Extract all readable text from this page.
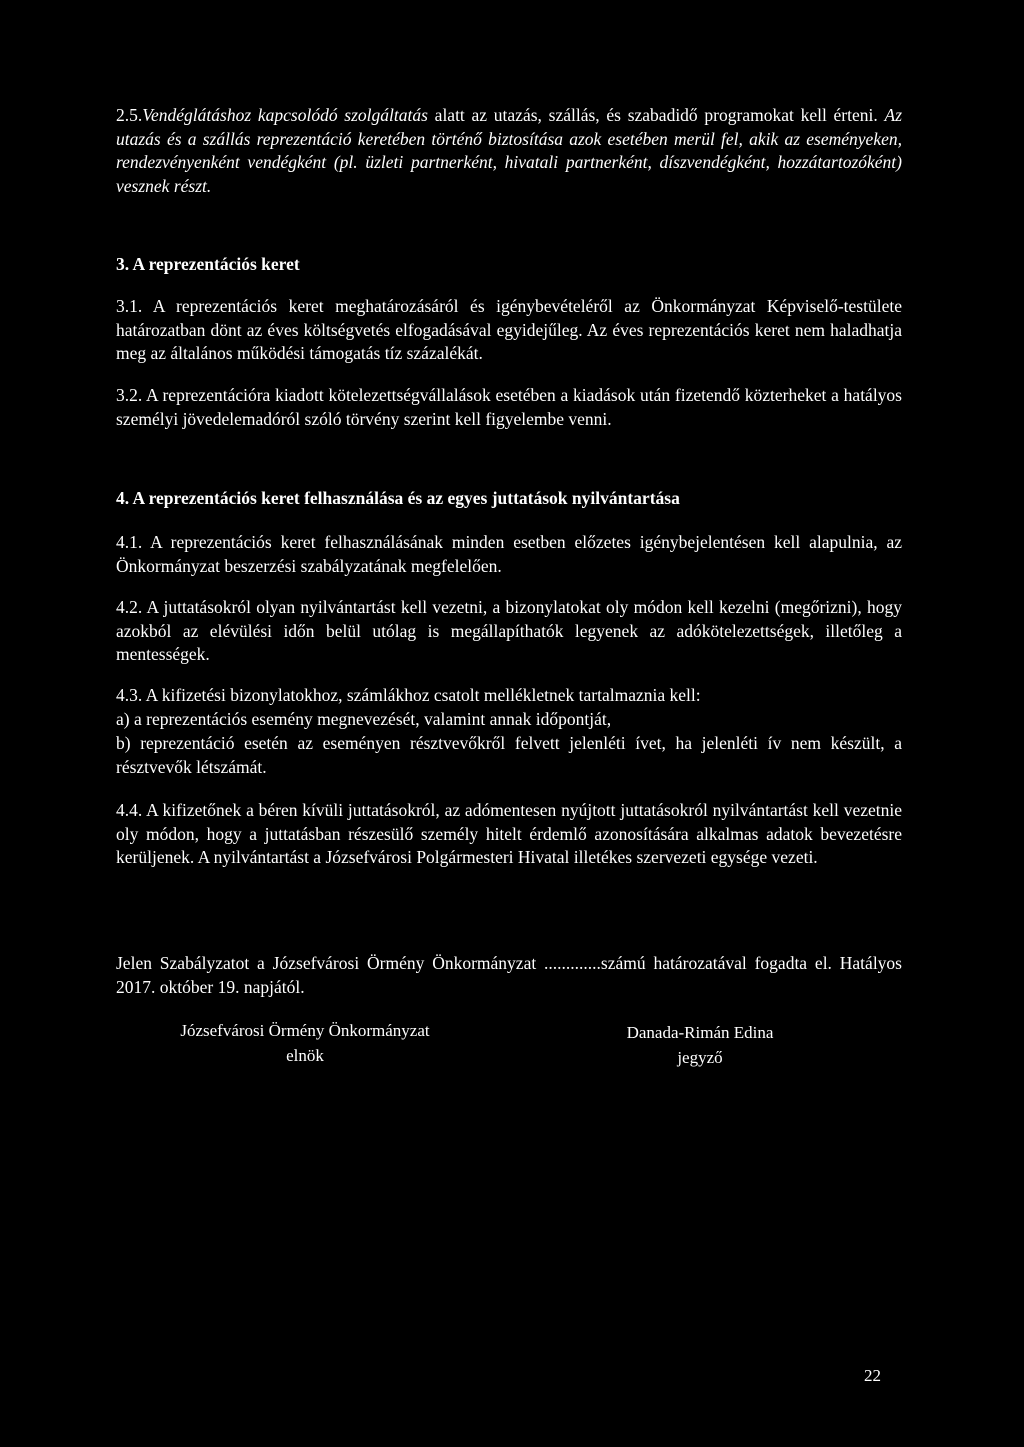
2.5.Vendéglátáshoz kapcsolódó szolgáltatás alatt az utazás, szállás, és szabadidő programokat kell érteni. Az utazás és a szállás reprezentáció keretében történő biztosítása azok esetében merül fel, akik az eseményeken, rendezvényenként vendégként (pl. üzleti partnerként, hivatali partnerként, díszvendégként, hozzátartozóként) vesznek részt.

3. A reprezentációs keret

3.1. A reprezentációs keret meghatározásáról és igénybevételéről az Önkormányzat Képviselő-testülete határozatban dönt az éves költségvetés elfogadásával egyidejűleg. Az éves reprezentációs keret nem haladhatja meg az általános működési támogatás tíz százalékát.

3.2. A reprezentációra kiadott kötelezettségvállalások esetében a kiadások után fizetendő közterheket a hatályos személyi jövedelemadóról szóló törvény szerint kell figyelembe venni.

4. A reprezentációs keret felhasználása és az egyes juttatások nyilvántartása

4.1. A reprezentációs keret felhasználásának minden esetben előzetes igénybejelentésen kell alapulnia, az Önkormányzat beszerzési szabályzatának megfelelően.

4.2. A juttatásokról olyan nyilvántartást kell vezetni, a bizonylatokat oly módon kell kezelni (megőrizni), hogy azokból az elévülési időn belül utólag is megállapíthatók legyenek az adókötelezettségek, illetőleg a mentességek.

4.3. A kifizetési bizonylatokhoz, számlákhoz csatolt mellékletnek tartalmaznia kell:

a) a reprezentációs esemény megnevezését, valamint annak időpontját,

b) reprezentáció esetén az eseményen résztvevőkről felvett jelenléti ívet, ha jelenléti ív nem készült, a résztvevők létszámát.

4.4. A kifizetőnek a béren kívüli juttatásokról, az adómentesen nyújtott juttatásokról nyilvántartást kell vezetnie oly módon, hogy a juttatásban részesülő személy hitelt érdemlő azonosítására alkalmas adatok bevezetésre kerüljenek. A nyilvántartást a Józsefvárosi Polgármesteri Hivatal illetékes szervezeti egysége vezeti.

Jelen Szabályzatot a Józsefvárosi Örmény Önkormányzat .............számú határozatával fogadta el. Hatályos 2017. október 19. napjától.

Józsefvárosi Örmény Önkormányzat
elnök
Danada-Rimán Edina
jegyző
22
